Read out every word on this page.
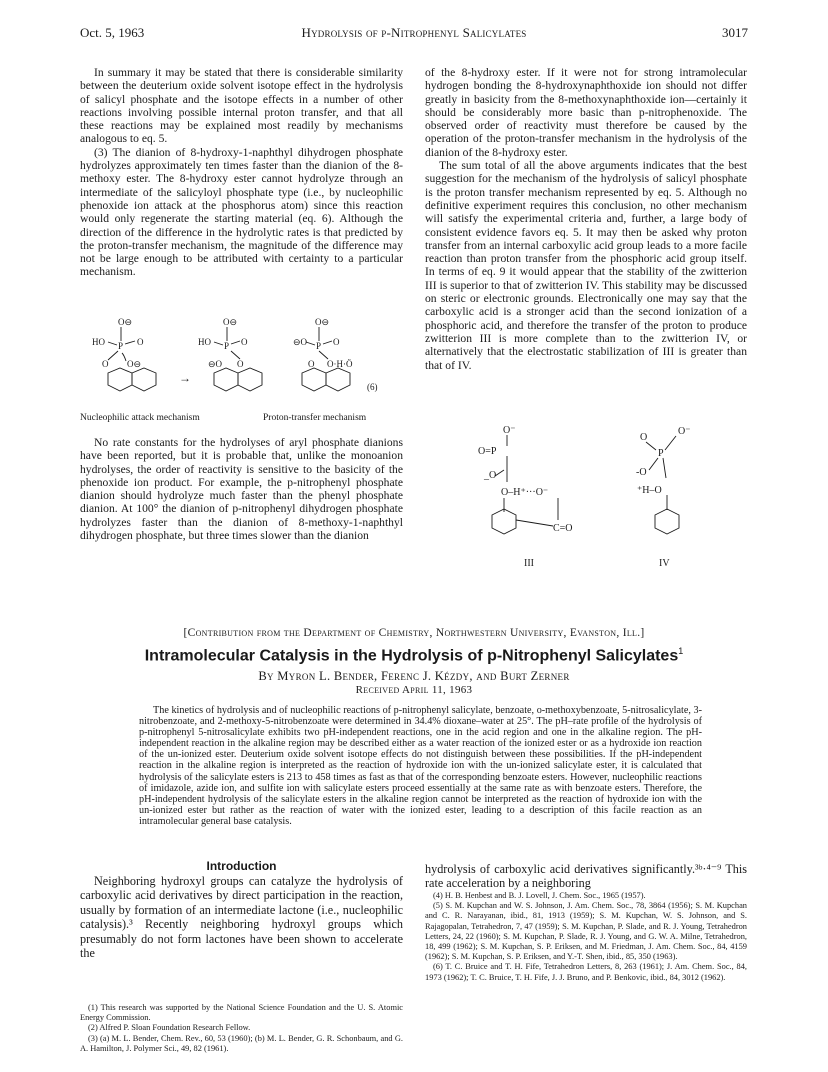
Oct. 5, 1963	Hydrolysis of p-Nitrophenyl Salicylates	3017

In summary it may be stated that there is considerable similarity between the deuterium oxide solvent isotope effect in the hydrolysis of salicyl phosphate and the isotope effects in a number of other reactions involving possible internal proton transfer, and that all these reactions may be explained most readily by mechanisms analogous to eq. 5.

(3) The dianion of 8-hydroxy-1-naphthyl dihydrogen phosphate hydrolyzes approximately ten times faster than the dianion of the 8-methoxy ester. The 8-hydroxy ester cannot hydrolyze through an intermediate of the salicyloyl phosphate type (i.e., by nucleophilic phenoxide ion attack at the phosphorus atom) since this reaction would only regenerate the starting material (eq. 6). Although the direction of the difference in the hydrolytic rates is that predicted by the proton-transfer mechanism, the magnitude of the difference may not be large enough to be attributed with certainty to a particular mechanism.

O⊖
HO P O
O O⊖
→
O⊖
HO P O
⊖O O
O⊖
⊖O P O
O O·H·Ö
(6)
Nucleophilic attack mechanism	Proton-transfer mechanism

No rate constants for the hydrolyses of aryl phosphate dianions have been reported, but it is probable that, unlike the monoanion hydrolyses, the order of reactivity is sensitive to the basicity of the phenoxide ion product. For example, the p-nitrophenyl phosphate dianion should hydrolyze much faster than the phenyl phosphate dianion. At 100° the dianion of p-nitrophenyl dihydrogen phosphate hydrolyzes faster than the dianion of 8-methoxy-1-naphthyl dihydrogen phosphate, but three times slower than the dianion

of the 8-hydroxy ester. If it were not for strong intramolecular hydrogen bonding the 8-hydroxynaphthoxide ion should not differ greatly in basicity from the 8-methoxynaphthoxide ion—certainly it should be considerably more basic than p-nitrophenoxide. The observed order of reactivity must therefore be caused by the operation of the proton-transfer mechanism in the hydrolysis of the dianion of the 8-hydroxy ester.

The sum total of all the above arguments indicates that the best suggestion for the mechanism of the hydrolysis of salicyl phosphate is the proton transfer mechanism represented by eq. 5. Although no definitive experiment requires this conclusion, no other mechanism will satisfy the experimental criteria and, further, a large body of consistent evidence favors eq. 5. It may then be asked why proton transfer from an internal carboxylic acid group leads to a more facile reaction than proton transfer from the phosphoric acid group itself. In terms of eq. 9 it would appear that the stability of the zwitterion III is superior to that of zwitterion IV. This stability may be discussed on steric or electronic grounds. Electronically one may say that the carboxylic acid is a stronger acid than the second ionization of a phosphoric acid, and therefore the transfer of the proton to produce zwitterion III is more complete than to the zwitterion IV, or alternatively that the electrostatic stabilization of III is greater than that of IV.

O⁻
O=P
_O
O–H⁺···O⁻
C=O
III
O
O⁻
P
-O
⁺H–O
IV
[Contribution from the Department of Chemistry, Northwestern University, Evanston, Ill.]
Intramolecular Catalysis in the Hydrolysis of p-Nitrophenyl Salicylates$^1$
By Myron L. Bender, Ferenc J. Kézdy, and Burt Zerner
Received April 11, 1963

The kinetics of hydrolysis and of nucleophilic reactions of p-nitrophenyl salicylate, benzoate, o-methoxybenzoate, 5-nitrosalicylate, 3-nitrobenzoate, and 2-methoxy-5-nitrobenzoate were determined in 34.4% dioxane–water at 25°. The pH–rate profile of the hydrolysis of p-nitrophenyl 5-nitrosalicylate exhibits two pH-independent reactions, one in the acid region and one in the alkaline region. The pH-independent reaction in the alkaline region may be described either as a water reaction of the ionized ester or as a hydroxide ion reaction of the un-ionized ester. Deuterium oxide solvent isotope effects do not distinguish between these possibilities. If the pH-independent reaction in the alkaline region is interpreted as the reaction of hydroxide ion with the un-ionized salicylate ester, it is calculated that hydrolysis of the salicylate esters is 213 to 458 times as fast as that of the corresponding benzoate esters. However, nucleophilic reactions of imidazole, azide ion, and sulfite ion with salicylate esters proceed essentially at the same rate as with benzoate esters. Therefore, the pH-independent hydrolysis of the salicylate esters in the alkaline region cannot be interpreted as the reaction of hydroxide ion with the un-ionized ester but rather as the reaction of water with the ionized ester, leading to a description of this facile reaction as an intramolecular general base catalysis.

Introduction

Neighboring hydroxyl groups can catalyze the hydrolysis of carboxylic acid derivatives by direct participation in the reaction, usually by formation of an intermediate lactone (i.e., nucleophilic catalysis).³ Recently neighboring hydroxyl groups which presumably do not form lactones have been shown to accelerate the

hydrolysis of carboxylic acid derivatives significantly.³ᵇ·⁴⁻⁹ This rate acceleration by a neighboring

(1) This research was supported by the National Science Foundation and the U. S. Atomic Energy Commission.

(2) Alfred P. Sloan Foundation Research Fellow.

(3) (a) M. L. Bender, Chem. Rev., 60, 53 (1960); (b) M. L. Bender, G. R. Schonbaum, and G. A. Hamilton, J. Polymer Sci., 49, 82 (1961).

(4) H. B. Henbest and B. J. Lovell, J. Chem. Soc., 1965 (1957).

(5) S. M. Kupchan and W. S. Johnson, J. Am. Chem. Soc., 78, 3864 (1956); S. M. Kupchan and C. R. Narayanan, ibid., 81, 1913 (1959); S. M. Kupchan, W. S. Johnson, and S. Rajagopalan, Tetrahedron, 7, 47 (1959); S. M. Kupchan, P. Slade, and R. J. Young, Tetrahedron Letters, 24, 22 (1960); S. M. Kupchan, P. Slade, R. J. Young, and G. W. A. Milne, Tetrahedron, 18, 499 (1962); S. M. Kupchan, S. P. Eriksen, and M. Friedman, J. Am. Chem. Soc., 84, 4159 (1962); S. M. Kupchan, S. P. Eriksen, and Y.-T. Shen, ibid., 85, 350 (1963).

(6) T. C. Bruice and T. H. Fife, Tetrahedron Letters, 8, 263 (1961); J. Am. Chem. Soc., 84, 1973 (1962); T. C. Bruice, T. H. Fife, J. J. Bruno, and P. Benkovic, ibid., 84, 3012 (1962).
